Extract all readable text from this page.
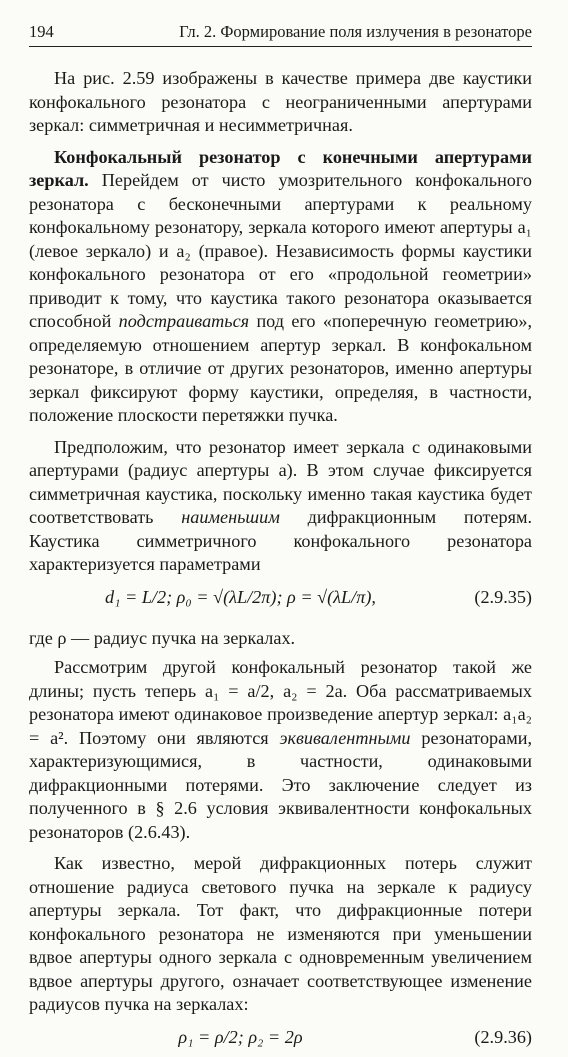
194	Гл. 2. Формирование поля излучения в резонаторе

На рис. 2.59 изображены в качестве примера две каустики конфокального резонатора с неограниченными апертурами зеркал: симметричная и несимметричная.

Конфокальный резонатор с конечными апертурами зеркал. Перейдем от чисто умозрительного конфокального резонатора с бесконечными апертурами к реальному конфокальному резонатору, зеркала которого имеют апертуры a₁ (левое зеркало) и a₂ (правое). Независимость формы каустики конфокального резонатора от его «продольной геометрии» приводит к тому, что каустика такого резонатора оказывается способной подстраиваться под его «поперечную геометрию», определяемую отношением апертур зеркал. В конфокальном резонаторе, в отличие от других резонаторов, именно апертуры зеркал фиксируют форму каустики, определяя, в частности, положение плоскости перетяжки пучка.

Предположим, что резонатор имеет зеркала с одинаковыми апертурами (радиус апертуры a). В этом случае фиксируется симметричная каустика, поскольку именно такая каустика будет соответствовать наименьшим дифракционным потерям. Каустика симметричного конфокального резонатора характеризуется параметрами

d₁ = L/2; ρ₀ = √(λL/2π); ρ = √(λL/π),	(2.9.35)

где ρ — радиус пучка на зеркалах.

Рассмотрим другой конфокальный резонатор такой же длины; пусть теперь a₁ = a/2, a₂ = 2a. Оба рассматриваемых резонатора имеют одинаковое произведение апертур зеркал: a₁a₂ = a². Поэтому они являются эквивалентными резонаторами, характеризующимися, в частности, одинаковыми дифракционными потерями. Это заключение следует из полученного в § 2.6 условия эквивалентности конфокальных резонаторов (2.6.43).

Как известно, мерой дифракционных потерь служит отношение радиуса светового пучка на зеркале к радиусу апертуры зеркала. Тот факт, что дифракционные потери конфокального резонатора не изменяются при уменьшении вдвое апертуры одного зеркала с одновременным увеличением вдвое апертуры другого, означает соответствующее изменение радиусов пучка на зеркалах:

ρ₁ = ρ/2; ρ₂ = 2ρ	(2.9.36)
